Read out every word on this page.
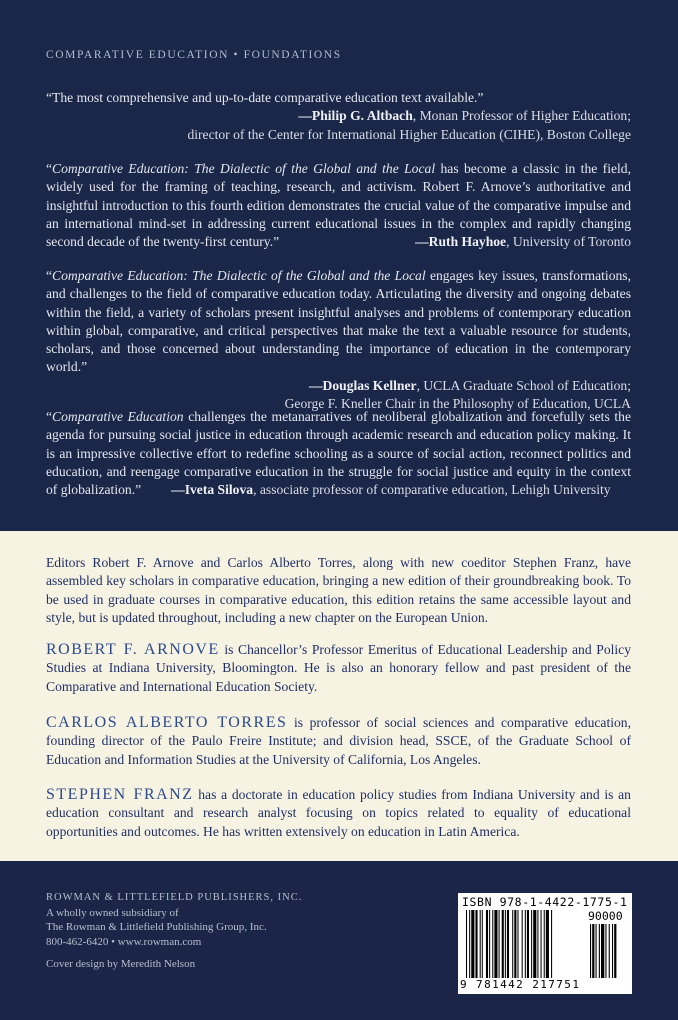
COMPARATIVE EDUCATION • FOUNDATIONS

“The most comprehensive and up-to-date comparative education text available.”

—Philip G. Altbach, Monan Professor of Higher Education;

director of the Center for International Higher Education (CIHE), Boston College

“Comparative Education: The Dialectic of the Global and the Local has become a classic in the field, widely used for the framing of teaching, research, and activism. Robert F. Arnove’s authoritative and insightful introduction to this fourth edition demonstrates the crucial value of the comparative impulse and an international mind-set in addressing current educational issues in the complex and rapidly changing second decade of the twenty-first century.”	—Ruth Hayhoe, University of Toronto

“Comparative Education: The Dialectic of the Global and the Local engages key issues, transformations, and challenges to the field of comparative education today. Articulating the diversity and ongoing debates within the field, a variety of scholars present insightful analyses and problems of contemporary education within global, comparative, and critical perspectives that make the text a valuable resource for students, scholars, and those concerned about understanding the importance of education in the contemporary world.”

—Douglas Kellner, UCLA Graduate School of Education;

George F. Kneller Chair in the Philosophy of Education, UCLA

“Comparative Education challenges the metanarratives of neoliberal globalization and forcefully sets the agenda for pursuing social justice in education through academic research and education policy making. It is an impressive collective effort to redefine schooling as a source of social action, reconnect politics and education, and reengage comparative education in the struggle for social justice and equity in the context of globalization.” —Iveta Silova, associate professor of comparative education, Lehigh University

Editors Robert F. Arnove and Carlos Alberto Torres, along with new coeditor Stephen Franz, have assembled key scholars in comparative education, bringing a new edition of their groundbreaking book. To be used in graduate courses in comparative education, this edition retains the same accessible layout and style, but is updated throughout, including a new chapter on the European Union.

ROBERT F. ARNOVE is Chancellor’s Professor Emeritus of Educational Leadership and Policy Studies at Indiana University, Bloomington. He is also an honorary fellow and past president of the Comparative and International Education Society.

CARLOS ALBERTO TORRES is professor of social sciences and comparative education, founding director of the Paulo Freire Institute; and division head, SSCE, of the Graduate School of Education and Information Studies at the University of California, Los Angeles.

STEPHEN FRANZ has a doctorate in education policy studies from Indiana University and is an education consultant and research analyst focusing on topics related to equality of educational opportunities and outcomes. He has written extensively on education in Latin America.

ROWMAN & LITTLEFIELD PUBLISHERS, INC.
A wholly owned subsidiary of
The Rowman & Littlefield Publishing Group, Inc.
800-462-6420 • www.rowman.com
Cover design by Meredith Nelson
ISBN 978-1-4422-1775-1
90000
9 781442 217751
